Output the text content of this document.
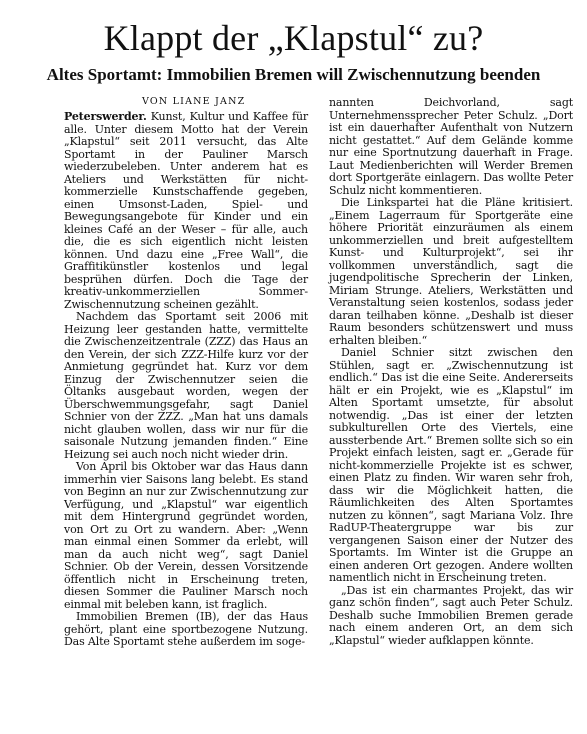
Klappt der „Klapstul“ zu?
Altes Sportamt: Immobilien Bremen will Zwischennutzung beenden
VON LIANE JANZ

Peterswerder. Kunst, Kultur und Kaffee für alle. Unter diesem Motto hat der Verein „Klapstul“ seit 2011 versucht, das Alte Sportamt in der Pauliner Marsch wiederzubeleben. Unter anderem hat es Ateliers und Werkstätten für nicht-kommerzielle Kunstschaffende gegeben, einen Umsonst-Laden, Spiel- und Bewegungsangebote für Kinder und ein kleines Café an der Weser – für alle, auch die, die es sich eigentlich nicht leisten können. Und dazu eine „Free Wall“, die Graffitikünstler kostenlos und legal besprühen dürfen. Doch die Tage der kreativ-unkommerziellen Sommer-Zwischennutzung scheinen gezählt.

Nachdem das Sportamt seit 2006 mit Heizung leer gestanden hatte, vermittelte die Zwischenzeitzentrale (ZZZ) das Haus an den Verein, der sich ZZZ-Hilfe kurz vor der Anmietung gegründet hat. Kurz vor dem Einzug der Zwischennutzer seien die Öltanks ausgebaut worden, wegen der Überschwemmungsgefahr, sagt Daniel Schnier von der ZZZ. „Man hat uns damals nicht glauben wollen, dass wir nur für die saisonale Nutzung jemanden finden.“ Eine Heizung sei auch noch nicht wieder drin.

Von April bis Oktober war das Haus dann immerhin vier Saisons lang belebt. Es stand von Beginn an nur zur Zwischennutzung zur Verfügung, und „Klapstul“ war eigentlich mit dem Hintergrund gegründet worden, von Ort zu Ort zu wandern. Aber: „Wenn man einmal einen Sommer da erlebt, will man da auch nicht weg“, sagt Daniel Schnier. Ob der Verein, dessen Vorsitzende öffentlich nicht in Erscheinung treten, diesen Sommer die Pauliner Marsch noch einmal mit beleben kann, ist fraglich.

Immobilien Bremen (IB), der das Haus gehört, plant eine sportbezogene Nutzung. Das Alte Sportamt stehe außerdem im soge-

nannten Deichvorland, sagt Unternehmenssprecher Peter Schulz. „Dort ist ein dauerhafter Aufenthalt von Nutzern nicht gestattet.“ Auf dem Gelände komme nur eine Sportnutzung dauerhaft in Frage. Laut Medienberichten will Werder Bremen dort Sportgeräte einlagern. Das wollte Peter Schulz nicht kommentieren.

Die Linkspartei hat die Pläne kritisiert. „Einem Lagerraum für Sportgeräte eine höhere Priorität einzuräumen als einem unkommerziellen und breit aufgestelltem Kunst- und Kulturprojekt“, sei ihr vollkommen unverständlich, sagt die jugendpolitische Sprecherin der Linken, Miriam Strunge. Ateliers, Werkstätten und Veranstaltung seien kostenlos, sodass jeder daran teilhaben könne. „Deshalb ist dieser Raum besonders schützenswert und muss erhalten bleiben.“

Daniel Schnier sitzt zwischen den Stühlen, sagt er. „Zwischennutzung ist endlich.“ Das ist die eine Seite. Andererseits hält er ein Projekt, wie es „Klapstul“ im Alten Sportamt umsetzte, für absolut notwendig. „Das ist einer der letzten subkulturellen Orte des Viertels, eine aussterbende Art.“ Bremen sollte sich so ein Projekt einfach leisten, sagt er. „Gerade für nicht-kommerzielle Projekte ist es schwer, einen Platz zu finden. Wir waren sehr froh, dass wir die Möglichkeit hatten, die Räumlichkeiten des Alten Sportamtes nutzen zu können“, sagt Mariana Volz. Ihre RadUP-Theatergruppe war bis zur vergangenen Saison einer der Nutzer des Sportamts. Im Winter ist die Gruppe an einen anderen Ort gezogen. Andere wollten namentlich nicht in Erscheinung treten.

„Das ist ein charmantes Projekt, das wir ganz schön finden“, sagt auch Peter Schulz. Deshalb suche Immobilien Bremen gerade nach einem anderen Ort, an dem sich „Klapstul“ wieder aufklappen könnte.
